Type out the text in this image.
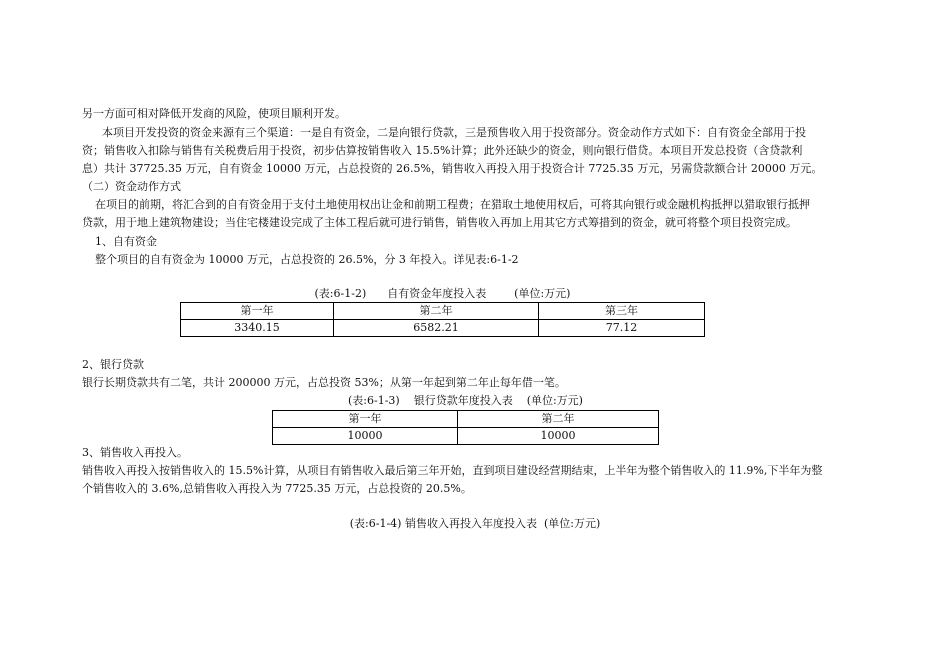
另一方面可相对降低开发商的风险，使项目顺利开发。
本项目开发投资的资金来源有三个渠道：一是自有资金，二是向银行贷款，三是预售收入用于投资部分。资金动作方式如下：自有资金全部用于投
资；销售收入扣除与销售有关税费后用于投资，初步估算按销售收入 15.5%计算；此外还缺少的资金，则向银行借贷。本项目开发总投资（含贷款利
息）共计 37725.35 万元，自有资金 10000 万元，占总投资的 26.5%，销售收入再投入用于投资合计 7725.35 万元，另需贷款额合计 20000 万元。
（二）资金动作方式
在项目的前期，将汇合到的自有资金用于支付土地使用权出让金和前期工程费；在猎取土地使用权后，可将其向银行或金融机构抵押以猎取银行抵押
贷款，用于地上建筑物建设；当住宅楼建设完成了主体工程后就可进行销售，销售收入再加上用其它方式筹措到的资金，就可将整个项目投资完成。
1、自有资金
整个项目的自有资金为 10000 万元，占总投资的 26.5%，分 3 年投入。详见表:6-1-2
(表:6-1-2)      自有资金年度投入表        (单位:万元)
第一年	第二年	第三年
3340.15	6582.21	77.12
2、银行贷款
银行长期贷款共有二笔，共计 200000 万元，占总投资 53%；从第一年起到第二年止每年借一笔。
(表:6-1-3)    银行贷款年度投入表    (单位:万元)
第一年	第二年
10000	10000
3、销售收入再投入。
销售收入再投入按销售收入的 15.5%计算，从项目有销售收入最后第三年开始，直到项目建设经营期结束，上半年为整个销售收入的 11.9%,下半年为整
个销售收入的 3.6%,总销售收入再投入为 7725.35 万元，占总投资的 20.5%。
(表:6-1-4) 销售收入再投入年度投入表  (单位:万元)
